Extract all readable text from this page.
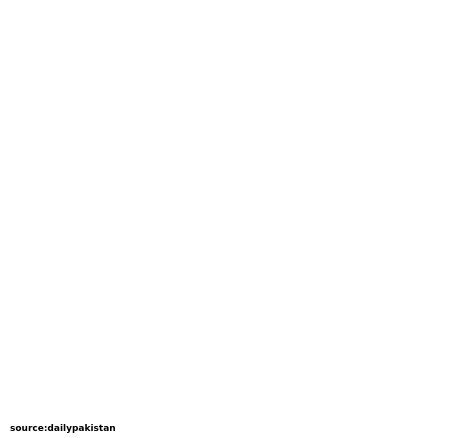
source:dailypakistan
